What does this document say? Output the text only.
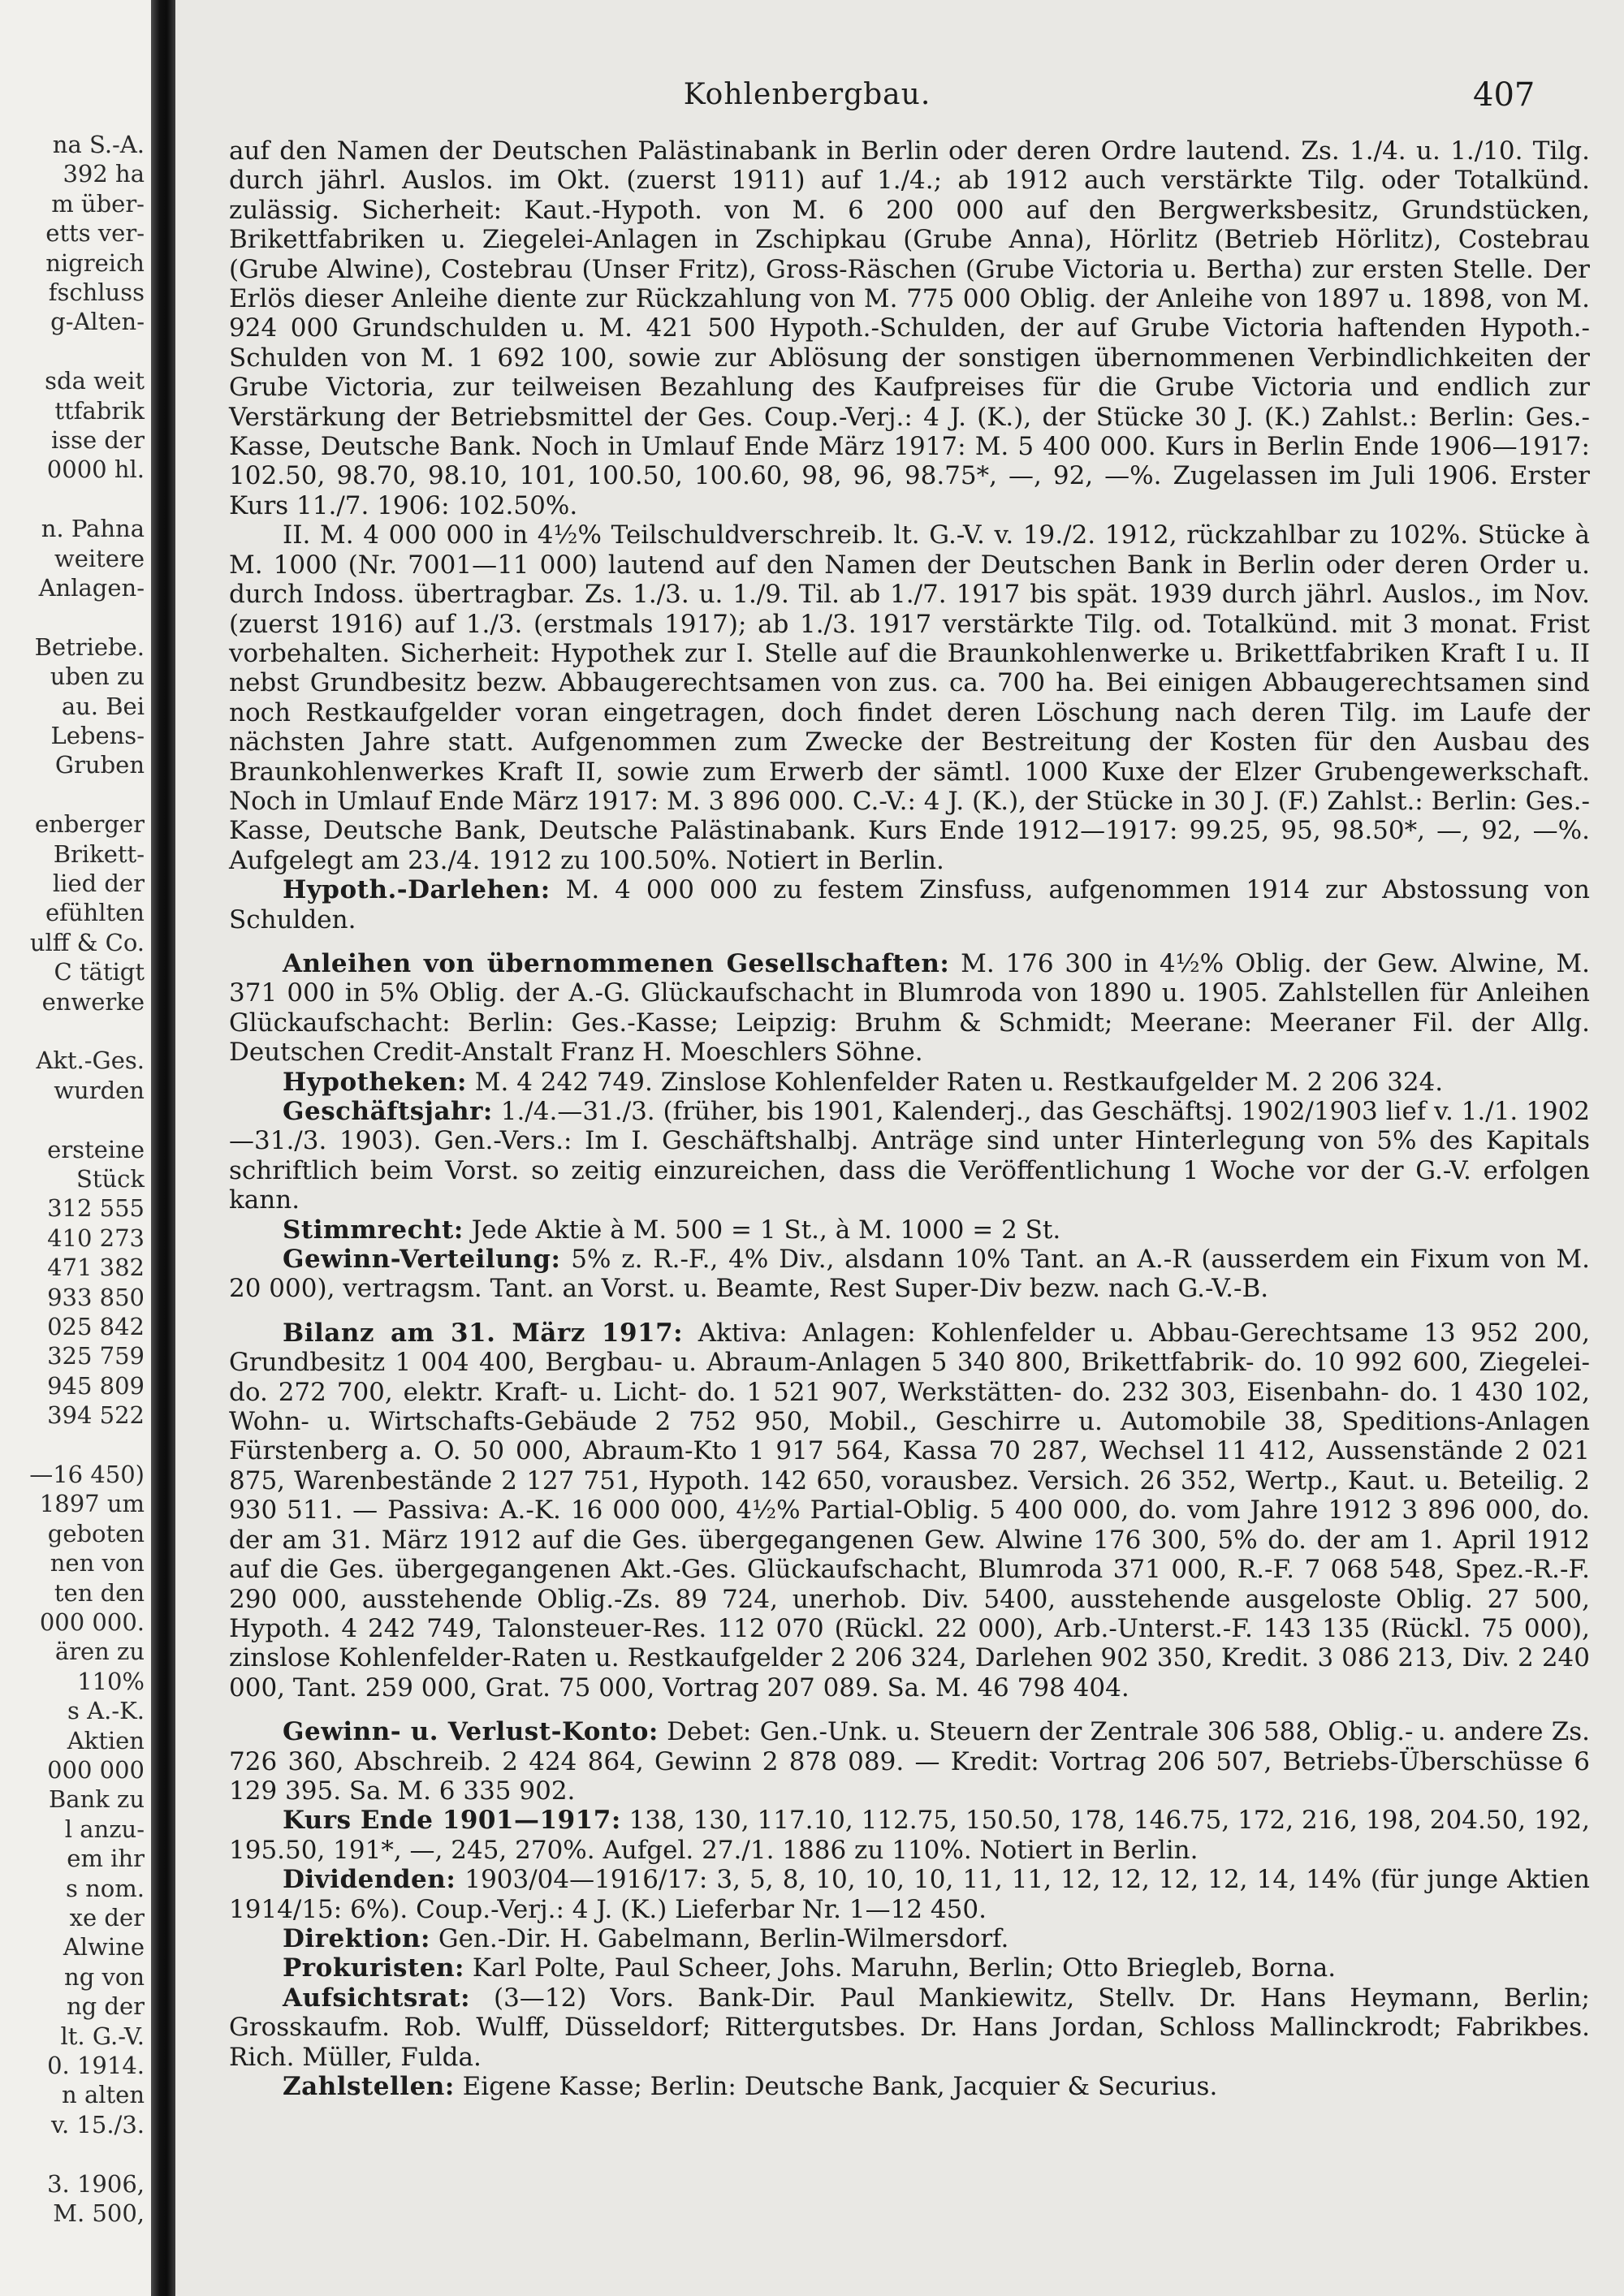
na S.-A.
392 ha
m über-
etts ver-
nigreich
fschluss
g-Alten-
sda weit
ttfabrik
isse der
0000 hl.
n. Pahna
weitere
Anlagen-
Betriebe.
uben zu
au. Bei
Lebens-
Gruben
enberger
Brikett-
lied der
efühlten
ulff & Co.
C tätigt
enwerke
Akt.-Ges.
wurden
ersteine
Stück
312 555
410 273
471 382
933 850
025 842
325 759
945 809
394 522
—16 450)
1897 um
geboten
nen von
ten den
000 000.
ären zu
110%
s A.-K.
Aktien
000 000
Bank zu
l anzu-
em ihr
s nom.
xe der
Alwine
ng von
ng der
lt. G.-V.
0. 1914.
n alten
v. 15./3.
3. 1906,
M. 500,
Kohlenbergbau.	407

auf den Namen der Deutschen Palästinabank in Berlin oder deren Ordre lautend. Zs. 1./4. u. 1./10. Tilg. durch jährl. Auslos. im Okt. (zuerst 1911) auf 1./4.; ab 1912 auch verstärkte Tilg. oder Totalkünd. zulässig. Sicherheit: Kaut.-Hypoth. von M. 6 200 000 auf den Bergwerksbesitz, Grundstücken, Brikettfabriken u. Ziegelei-Anlagen in Zschipkau (Grube Anna), Hörlitz (Betrieb Hörlitz), Costebrau (Grube Alwine), Costebrau (Unser Fritz), Gross-Räschen (Grube Victoria u. Bertha) zur ersten Stelle. Der Erlös dieser Anleihe diente zur Rückzahlung von M. 775 000 Oblig. der Anleihe von 1897 u. 1898, von M. 924 000 Grundschulden u. M. 421 500 Hypoth.-Schulden, der auf Grube Victoria haftenden Hypoth.-Schulden von M. 1 692 100, sowie zur Ablösung der sonstigen übernommenen Verbindlichkeiten der Grube Victoria, zur teilweisen Bezahlung des Kaufpreises für die Grube Victoria und endlich zur Verstärkung der Betriebsmittel der Ges. Coup.-Verj.: 4 J. (K.), der Stücke 30 J. (K.) Zahlst.: Berlin: Ges.-Kasse, Deutsche Bank. Noch in Umlauf Ende März 1917: M. 5 400 000. Kurs in Berlin Ende 1906—1917: 102.50, 98.70, 98.10, 101, 100.50, 100.60, 98, 96, 98.75*, —, 92, —%. Zugelassen im Juli 1906. Erster Kurs 11./7. 1906: 102.50%.

II. M. 4 000 000 in 4½% Teilschuldverschreib. lt. G.-V. v. 19./2. 1912, rückzahlbar zu 102%. Stücke à M. 1000 (Nr. 7001—11 000) lautend auf den Namen der Deutschen Bank in Berlin oder deren Order u. durch Indoss. übertragbar. Zs. 1./3. u. 1./9. Til. ab 1./7. 1917 bis spät. 1939 durch jährl. Auslos., im Nov. (zuerst 1916) auf 1./3. (erstmals 1917); ab 1./3. 1917 verstärkte Tilg. od. Totalkünd. mit 3 monat. Frist vorbehalten. Sicherheit: Hypothek zur I. Stelle auf die Braunkohlenwerke u. Brikettfabriken Kraft I u. II nebst Grundbesitz bezw. Abbaugerechtsamen von zus. ca. 700 ha. Bei einigen Abbaugerechtsamen sind noch Restkaufgelder voran eingetragen, doch findet deren Löschung nach deren Tilg. im Laufe der nächsten Jahre statt. Aufgenommen zum Zwecke der Bestreitung der Kosten für den Ausbau des Braunkohlenwerkes Kraft II, sowie zum Erwerb der sämtl. 1000 Kuxe der Elzer Grubengewerkschaft. Noch in Umlauf Ende März 1917: M. 3 896 000. C.-V.: 4 J. (K.), der Stücke in 30 J. (F.) Zahlst.: Berlin: Ges.-Kasse, Deutsche Bank, Deutsche Palästinabank. Kurs Ende 1912—1917: 99.25, 95, 98.50*, —, 92, —%. Aufgelegt am 23./4. 1912 zu 100.50%. Notiert in Berlin.

Hypoth.-Darlehen: M. 4 000 000 zu festem Zinsfuss, aufgenommen 1914 zur Abstossung von Schulden.

Anleihen von übernommenen Gesellschaften: M. 176 300 in 4½% Oblig. der Gew. Alwine, M. 371 000 in 5% Oblig. der A.-G. Glückaufschacht in Blumroda von 1890 u. 1905. Zahlstellen für Anleihen Glückaufschacht: Berlin: Ges.-Kasse; Leipzig: Bruhm & Schmidt; Meerane: Meeraner Fil. der Allg. Deutschen Credit-Anstalt Franz H. Moeschlers Söhne.

Hypotheken: M. 4 242 749. Zinslose Kohlenfelder Raten u. Restkaufgelder M. 2 206 324.

Geschäftsjahr: 1./4.—31./3. (früher, bis 1901, Kalenderj., das Geschäftsj. 1902/1903 lief v. 1./1. 1902—31./3. 1903). Gen.-Vers.: Im I. Geschäftshalbj. Anträge sind unter Hinterlegung von 5% des Kapitals schriftlich beim Vorst. so zeitig einzureichen, dass die Veröffentlichung 1 Woche vor der G.-V. erfolgen kann.

Stimmrecht: Jede Aktie à M. 500 = 1 St., à M. 1000 = 2 St.

Gewinn-Verteilung: 5% z. R.-F., 4% Div., alsdann 10% Tant. an A.-R (ausserdem ein Fixum von M. 20 000), vertragsm. Tant. an Vorst. u. Beamte, Rest Super-Div bezw. nach G.-V.-B.

Bilanz am 31. März 1917: Aktiva: Anlagen: Kohlenfelder u. Abbau-Gerechtsame 13 952 200, Grundbesitz 1 004 400, Bergbau- u. Abraum-Anlagen 5 340 800, Brikettfabrik- do. 10 992 600, Ziegelei- do. 272 700, elektr. Kraft- u. Licht- do. 1 521 907, Werkstätten- do. 232 303, Eisenbahn- do. 1 430 102, Wohn- u. Wirtschafts-Gebäude 2 752 950, Mobil., Geschirre u. Automobile 38, Speditions-Anlagen Fürstenberg a. O. 50 000, Abraum-Kto 1 917 564, Kassa 70 287, Wechsel 11 412, Aussenstände 2 021 875, Warenbestände 2 127 751, Hypoth. 142 650, vorausbez. Versich. 26 352, Wertp., Kaut. u. Beteilig. 2 930 511. — Passiva: A.-K. 16 000 000, 4½% Partial-Oblig. 5 400 000, do. vom Jahre 1912 3 896 000, do. der am 31. März 1912 auf die Ges. übergegangenen Gew. Alwine 176 300, 5% do. der am 1. April 1912 auf die Ges. übergegangenen Akt.-Ges. Glückaufschacht, Blumroda 371 000, R.-F. 7 068 548, Spez.-R.-F. 290 000, ausstehende Oblig.-Zs. 89 724, unerhob. Div. 5400, ausstehende ausgeloste Oblig. 27 500, Hypoth. 4 242 749, Talonsteuer-Res. 112 070 (Rückl. 22 000), Arb.-Unterst.-F. 143 135 (Rückl. 75 000), zinslose Kohlenfelder-Raten u. Restkaufgelder 2 206 324, Darlehen 902 350, Kredit. 3 086 213, Div. 2 240 000, Tant. 259 000, Grat. 75 000, Vortrag 207 089. Sa. M. 46 798 404.

Gewinn- u. Verlust-Konto: Debet: Gen.-Unk. u. Steuern der Zentrale 306 588, Oblig.- u. andere Zs. 726 360, Abschreib. 2 424 864, Gewinn 2 878 089. — Kredit: Vortrag 206 507, Betriebs-Überschüsse 6 129 395. Sa. M. 6 335 902.

Kurs Ende 1901—1917: 138, 130, 117.10, 112.75, 150.50, 178, 146.75, 172, 216, 198, 204.50, 192, 195.50, 191*, —, 245, 270%. Aufgel. 27./1. 1886 zu 110%. Notiert in Berlin.

Dividenden: 1903/04—1916/17: 3, 5, 8, 10, 10, 10, 11, 11, 12, 12, 12, 12, 14, 14% (für junge Aktien 1914/15: 6%). Coup.-Verj.: 4 J. (K.) Lieferbar Nr. 1—12 450.

Direktion: Gen.-Dir. H. Gabelmann, Berlin-Wilmersdorf.

Prokuristen: Karl Polte, Paul Scheer, Johs. Maruhn, Berlin; Otto Briegleb, Borna.

Aufsichtsrat: (3—12) Vors. Bank-Dir. Paul Mankiewitz, Stellv. Dr. Hans Heymann, Berlin; Grosskaufm. Rob. Wulff, Düsseldorf; Rittergutsbes. Dr. Hans Jordan, Schloss Mallinckrodt; Fabrikbes. Rich. Müller, Fulda.

Zahlstellen: Eigene Kasse; Berlin: Deutsche Bank, Jacquier & Securius.
